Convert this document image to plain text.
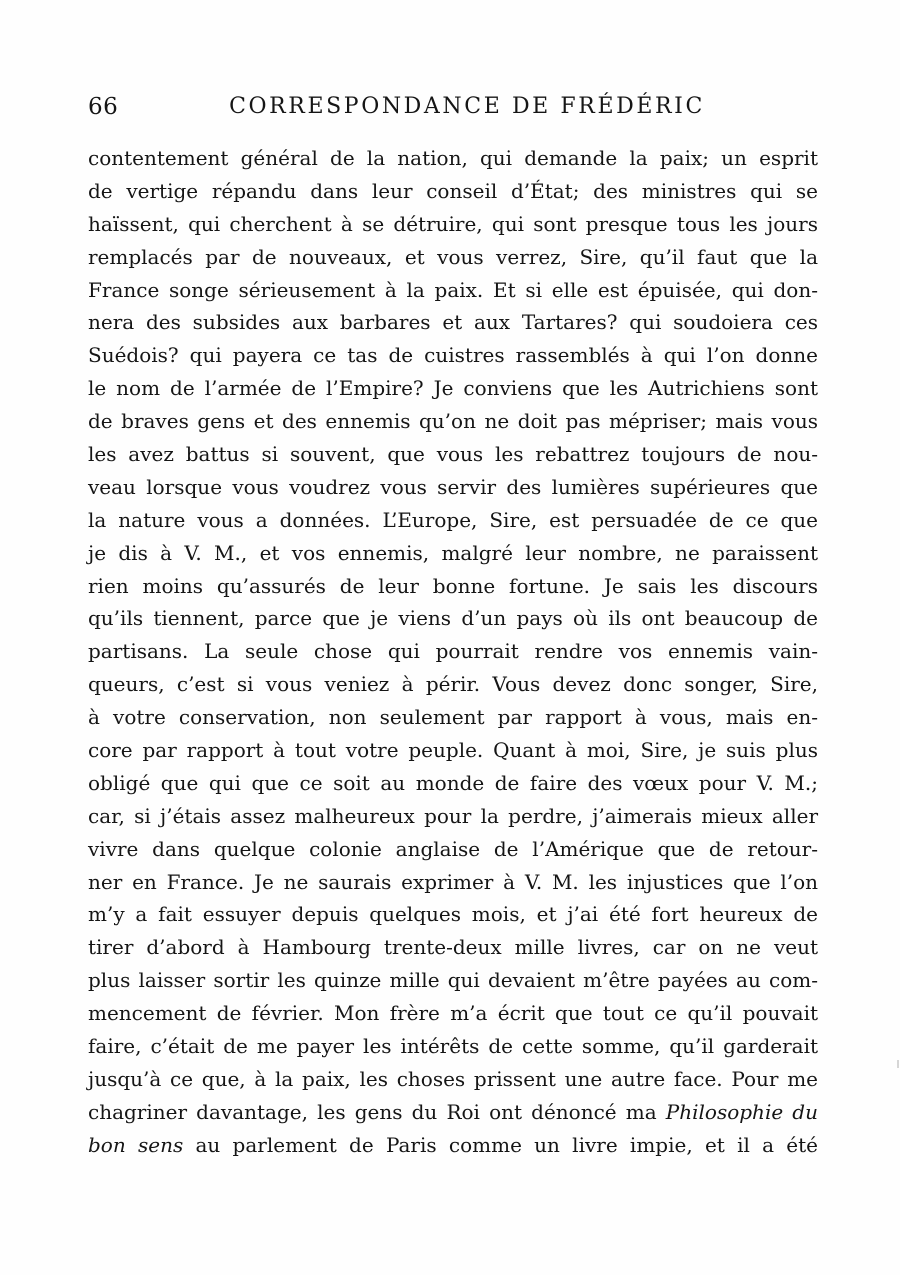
66	CORRESPONDANCE DE FRÉDÉRIC
contentement général de la nation, qui demande la paix; un esprit
de vertige répandu dans leur conseil d’État; des ministres qui se
haïssent, qui cherchent à se détruire, qui sont presque tous les jours
remplacés par de nouveaux, et vous verrez, Sire, qu’il faut que la
France songe sérieusement à la paix. Et si elle est épuisée, qui don-
nera des subsides aux barbares et aux Tartares? qui soudoiera ces
Suédois? qui payera ce tas de cuistres rassemblés à qui l’on donne
le nom de l’armée de l’Empire? Je conviens que les Autrichiens sont
de braves gens et des ennemis qu’on ne doit pas mépriser; mais vous
les avez battus si souvent, que vous les rebattrez toujours de nou-
veau lorsque vous voudrez vous servir des lumières supérieures que
la nature vous a données. L’Europe, Sire, est persuadée de ce que
je dis à V. M., et vos ennemis, malgré leur nombre, ne paraissent
rien moins qu’assurés de leur bonne fortune. Je sais les discours
qu’ils tiennent, parce que je viens d’un pays où ils ont beaucoup de
partisans. La seule chose qui pourrait rendre vos ennemis vain-
queurs, c’est si vous veniez à périr. Vous devez donc songer, Sire,
à votre conservation, non seulement par rapport à vous, mais en-
core par rapport à tout votre peuple. Quant à moi, Sire, je suis plus
obligé que qui que ce soit au monde de faire des vœux pour V. M.;
car, si j’étais assez malheureux pour la perdre, j’aimerais mieux aller
vivre dans quelque colonie anglaise de l’Amérique que de retour-
ner en France. Je ne saurais exprimer à V. M. les injustices que l’on
m’y a fait essuyer depuis quelques mois, et j’ai été fort heureux de
tirer d’abord à Hambourg trente-deux mille livres, car on ne veut
plus laisser sortir les quinze mille qui devaient m’être payées au com-
mencement de février. Mon frère m’a écrit que tout ce qu’il pouvait
faire, c’était de me payer les intérêts de cette somme, qu’il garderait
jusqu’à ce que, à la paix, les choses prissent une autre face. Pour me
chagriner davantage, les gens du Roi ont dénoncé ma Philosophie du
bon sens au parlement de Paris comme un livre impie, et il a été
